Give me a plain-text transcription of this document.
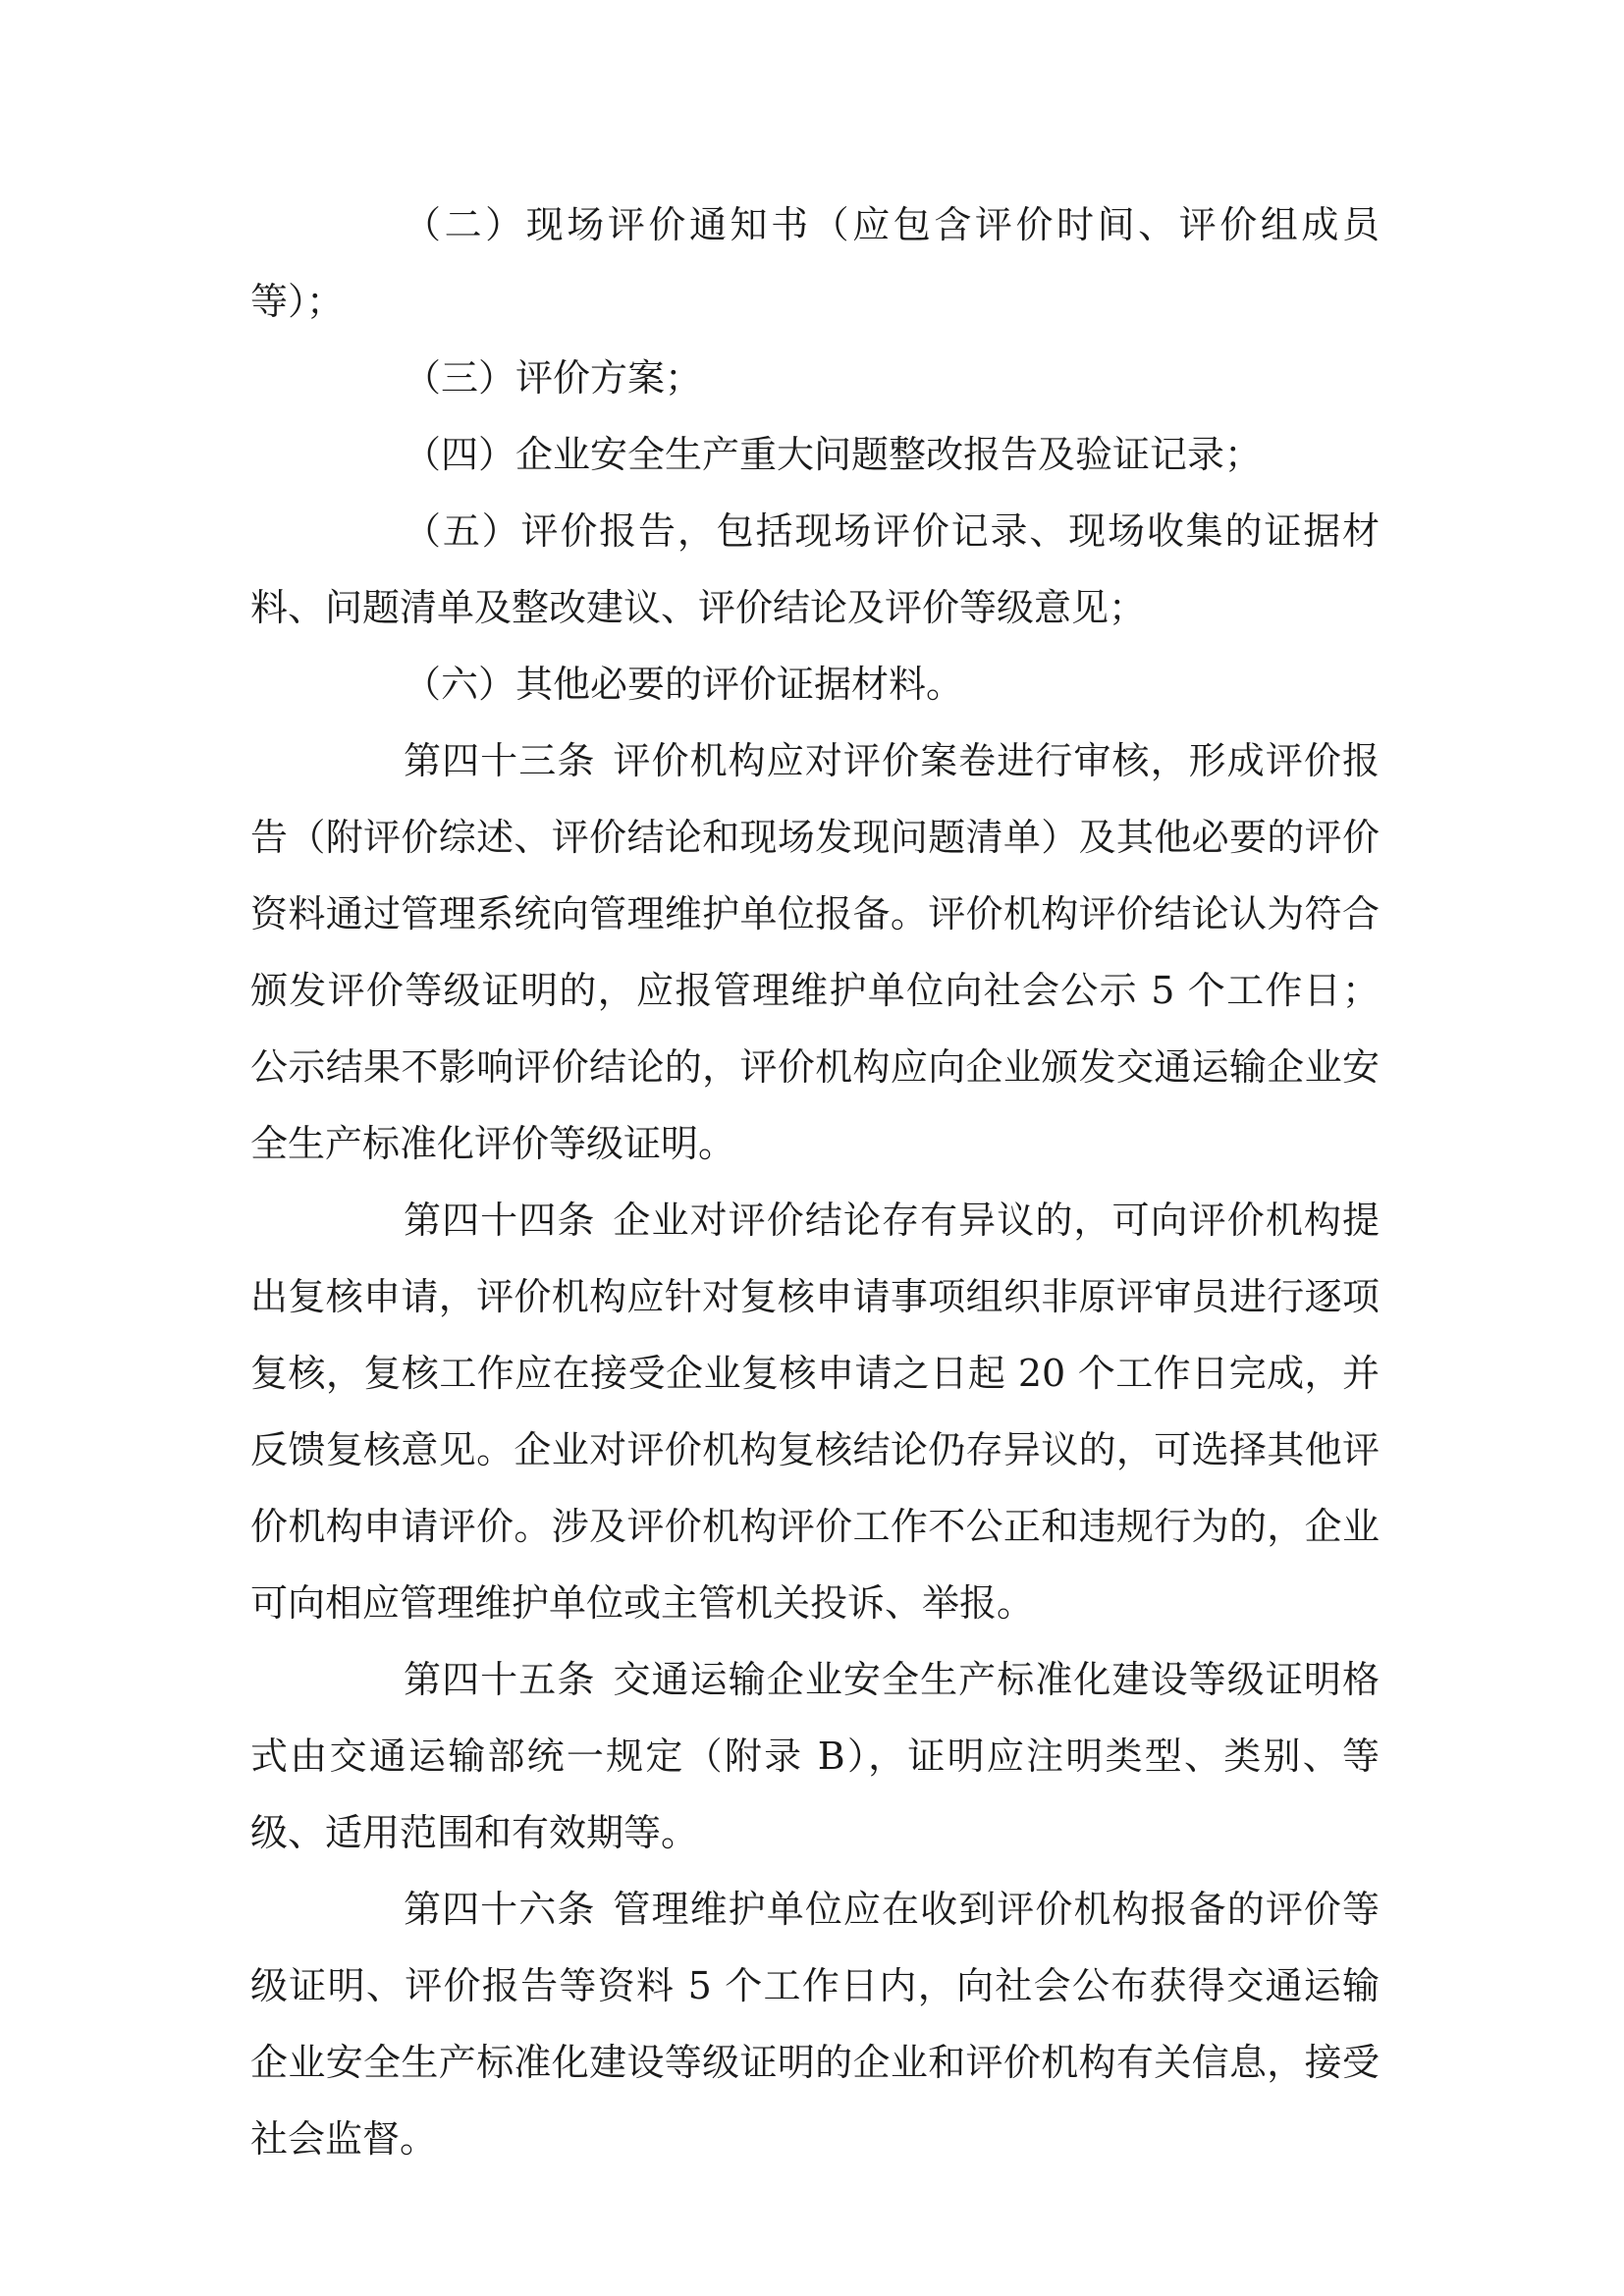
（二）现场评价通知书（应包含评价时间、评价组成员等）；

（三）评价方案；

（四）企业安全生产重大问题整改报告及验证记录；

（五）评价报告，包括现场评价记录、现场收集的证据材料、问题清单及整改建议、评价结论及评价等级意见；

（六）其他必要的评价证据材料。

第四十三条 评价机构应对评价案卷进行审核，形成评价报告（附评价综述、评价结论和现场发现问题清单）及其他必要的评价资料通过管理系统向管理维护单位报备。评价机构评价结论认为符合颁发评价等级证明的，应报管理维护单位向社会公示 5 个工作日；公示结果不影响评价结论的，评价机构应向企业颁发交通运输企业安全生产标准化评价等级证明。

第四十四条 企业对评价结论存有异议的，可向评价机构提出复核申请，评价机构应针对复核申请事项组织非原评审员进行逐项复核，复核工作应在接受企业复核申请之日起 20 个工作日完成，并反馈复核意见。企业对评价机构复核结论仍存异议的，可选择其他评价机构申请评价。涉及评价机构评价工作不公正和违规行为的，企业可向相应管理维护单位或主管机关投诉、举报。

第四十五条 交通运输企业安全生产标准化建设等级证明格式由交通运输部统一规定（附录 B），证明应注明类型、类别、等级、适用范围和有效期等。

第四十六条 管理维护单位应在收到评价机构报备的评价等级证明、评价报告等资料 5 个工作日内，向社会公布获得交通运输企业安全生产标准化建设等级证明的企业和评价机构有关信息，接受社会监督。
